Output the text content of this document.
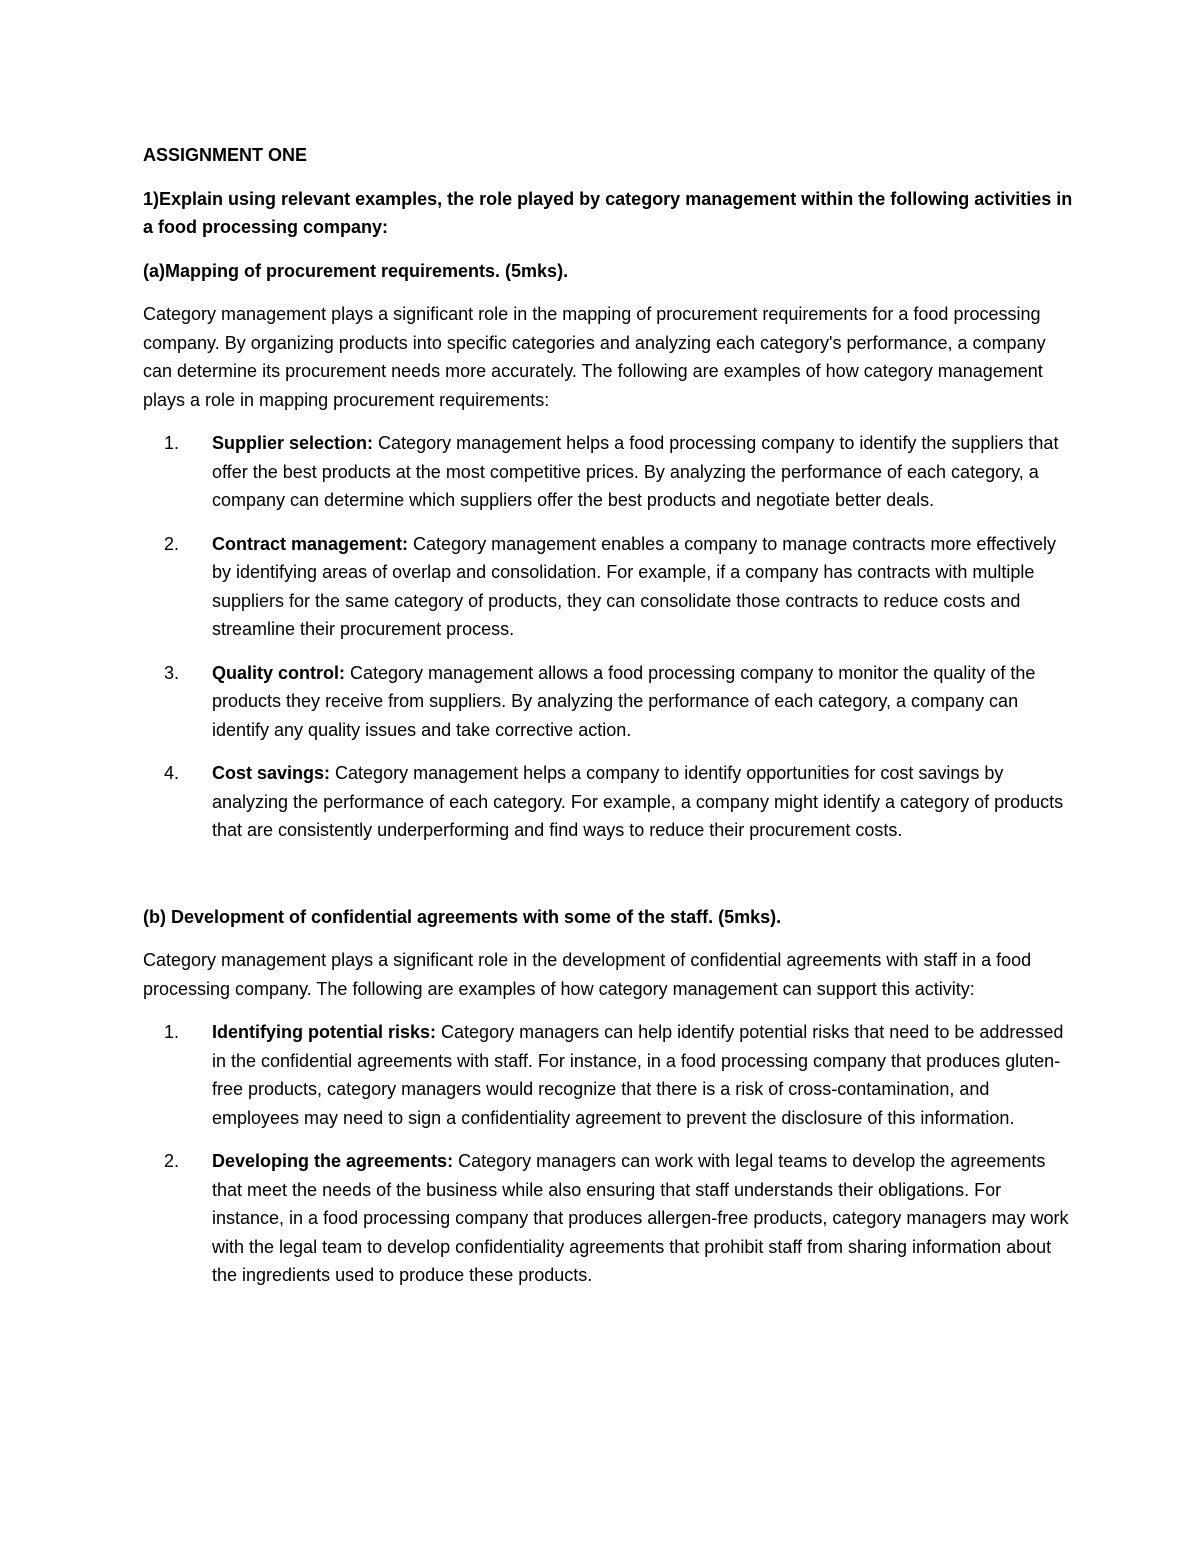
ASSIGNMENT ONE
1)Explain using relevant examples, the role played by category management within the following activities in a food processing company:
(a)Mapping of procurement requirements. (5mks).
Category management plays a significant role in the mapping of procurement requirements for a food processing company. By organizing products into specific categories and analyzing each category's performance, a company can determine its procurement needs more accurately. The following are examples of how category management plays a role in mapping procurement requirements:
1. Supplier selection: Category management helps a food processing company to identify the suppliers that offer the best products at the most competitive prices. By analyzing the performance of each category, a company can determine which suppliers offer the best products and negotiate better deals.
2. Contract management: Category management enables a company to manage contracts more effectively by identifying areas of overlap and consolidation. For example, if a company has contracts with multiple suppliers for the same category of products, they can consolidate those contracts to reduce costs and streamline their procurement process.
3. Quality control: Category management allows a food processing company to monitor the quality of the products they receive from suppliers. By analyzing the performance of each category, a company can identify any quality issues and take corrective action.
4. Cost savings: Category management helps a company to identify opportunities for cost savings by analyzing the performance of each category. For example, a company might identify a category of products that are consistently underperforming and find ways to reduce their procurement costs.
(b) Development of confidential agreements with some of the staff. (5mks).
Category management plays a significant role in the development of confidential agreements with staff in a food processing company. The following are examples of how category management can support this activity:
1. Identifying potential risks: Category managers can help identify potential risks that need to be addressed in the confidential agreements with staff. For instance, in a food processing company that produces gluten-free products, category managers would recognize that there is a risk of cross-contamination, and employees may need to sign a confidentiality agreement to prevent the disclosure of this information.
2. Developing the agreements: Category managers can work with legal teams to develop the agreements that meet the needs of the business while also ensuring that staff understands their obligations. For instance, in a food processing company that produces allergen-free products, category managers may work with the legal team to develop confidentiality agreements that prohibit staff from sharing information about the ingredients used to produce these products.
